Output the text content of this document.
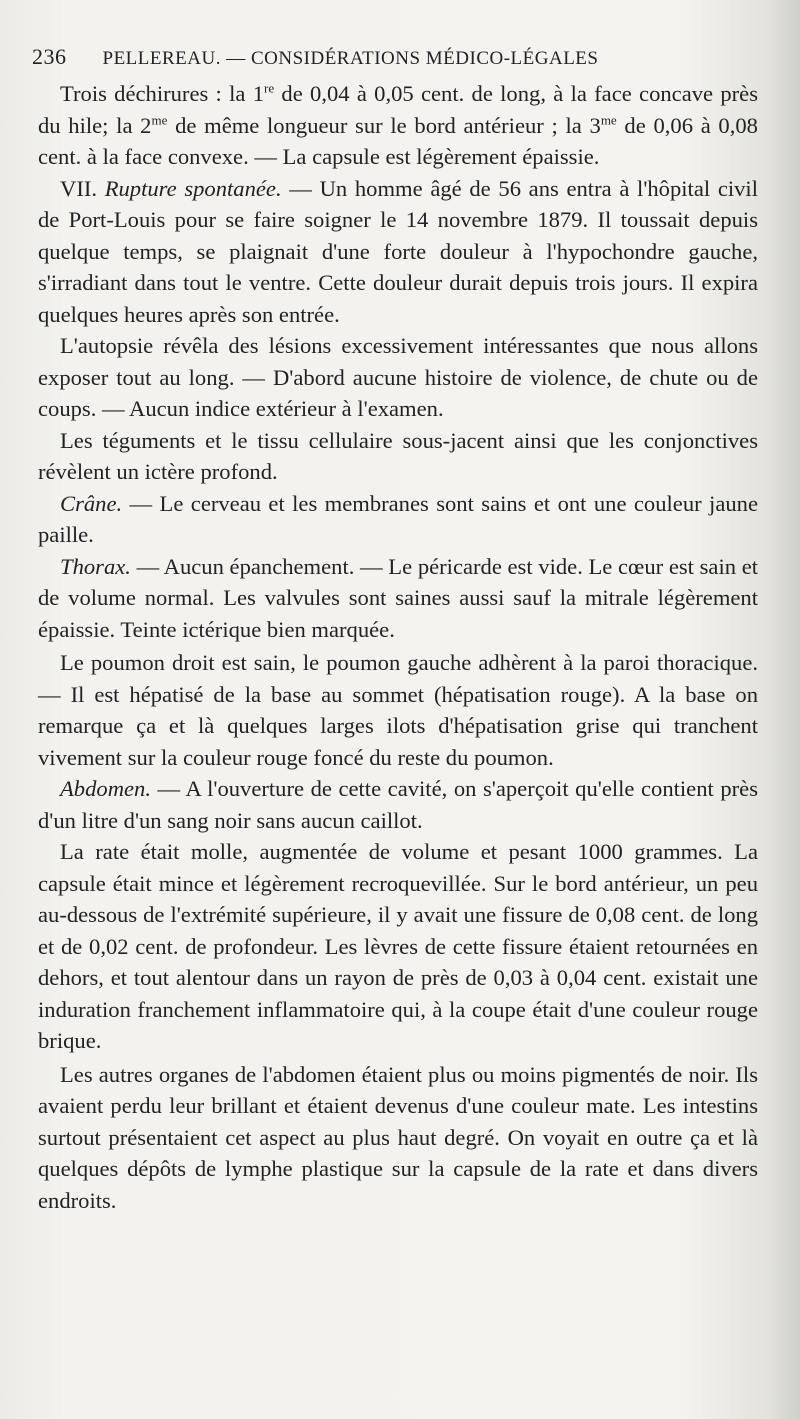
236 PELLEREAU. — CONSIDÉRATIONS MÉDICO-LÉGALES

Trois déchirures : la 1re de 0,04 à 0,05 cent. de long, à la face concave près du hile; la $2^{me}$ de même longueur sur le bord antérieur ; la $3^{me}$ de 0,06 à 0,08 cent. à la face convexe. — La capsule est légèrement épaissie.

VII. Rupture spontanée. — Un homme âgé de 56 ans entra à l'hôpital civil de Port-Louis pour se faire soigner le 14 novembre 1879. Il toussait depuis quelque temps, se plaignait d'une forte douleur à l'hypochondre gauche, s'irradiant dans tout le ventre. Cette douleur durait depuis trois jours. Il expira quelques heures après son entrée.

L'autopsie révêla des lésions excessivement intéressantes que nous allons exposer tout au long. — D'abord aucune histoire de violence, de chute ou de coups. — Aucun indice extérieur à l'examen.

Les téguments et le tissu cellulaire sous-jacent ainsi que les conjonctives révèlent un ictère profond.

Crâne. — Le cerveau et les membranes sont sains et ont une couleur jaune paille.

Thorax. — Aucun épanchement. — Le péricarde est vide. Le cœur est sain et de volume normal. Les valvules sont saines aussi sauf la mitrale légèrement épaissie. Teinte ictérique bien marquée.

Le poumon droit est sain, le poumon gauche adhèrent à la paroi thoracique. — Il est hépatisé de la base au sommet (hépatisation rouge). A la base on remarque ça et là quelques larges ilots d'hépatisation grise qui tranchent vivement sur la couleur rouge foncé du reste du poumon.

Abdomen. — A l'ouverture de cette cavité, on s'aperçoit qu'elle contient près d'un litre d'un sang noir sans aucun caillot.

La rate était molle, augmentée de volume et pesant 1000 grammes. La capsule était mince et légèrement recroquevillée. Sur le bord antérieur, un peu au-dessous de l'extrémité supérieure, il y avait une fissure de 0,08 cent. de long et de 0,02 cent. de profondeur. Les lèvres de cette fissure étaient retournées en dehors, et tout alentour dans un rayon de près de 0,03 à 0,04 cent. existait une induration franchement inflammatoire qui, à la coupe était d'une couleur rouge brique.

Les autres organes de l'abdomen étaient plus ou moins pigmentés de noir. Ils avaient perdu leur brillant et étaient devenus d'une couleur mate. Les intestins surtout présentaient cet aspect au plus haut degré. On voyait en outre ça et là quelques dépôts de lymphe plastique sur la capsule de la rate et dans divers endroits.
